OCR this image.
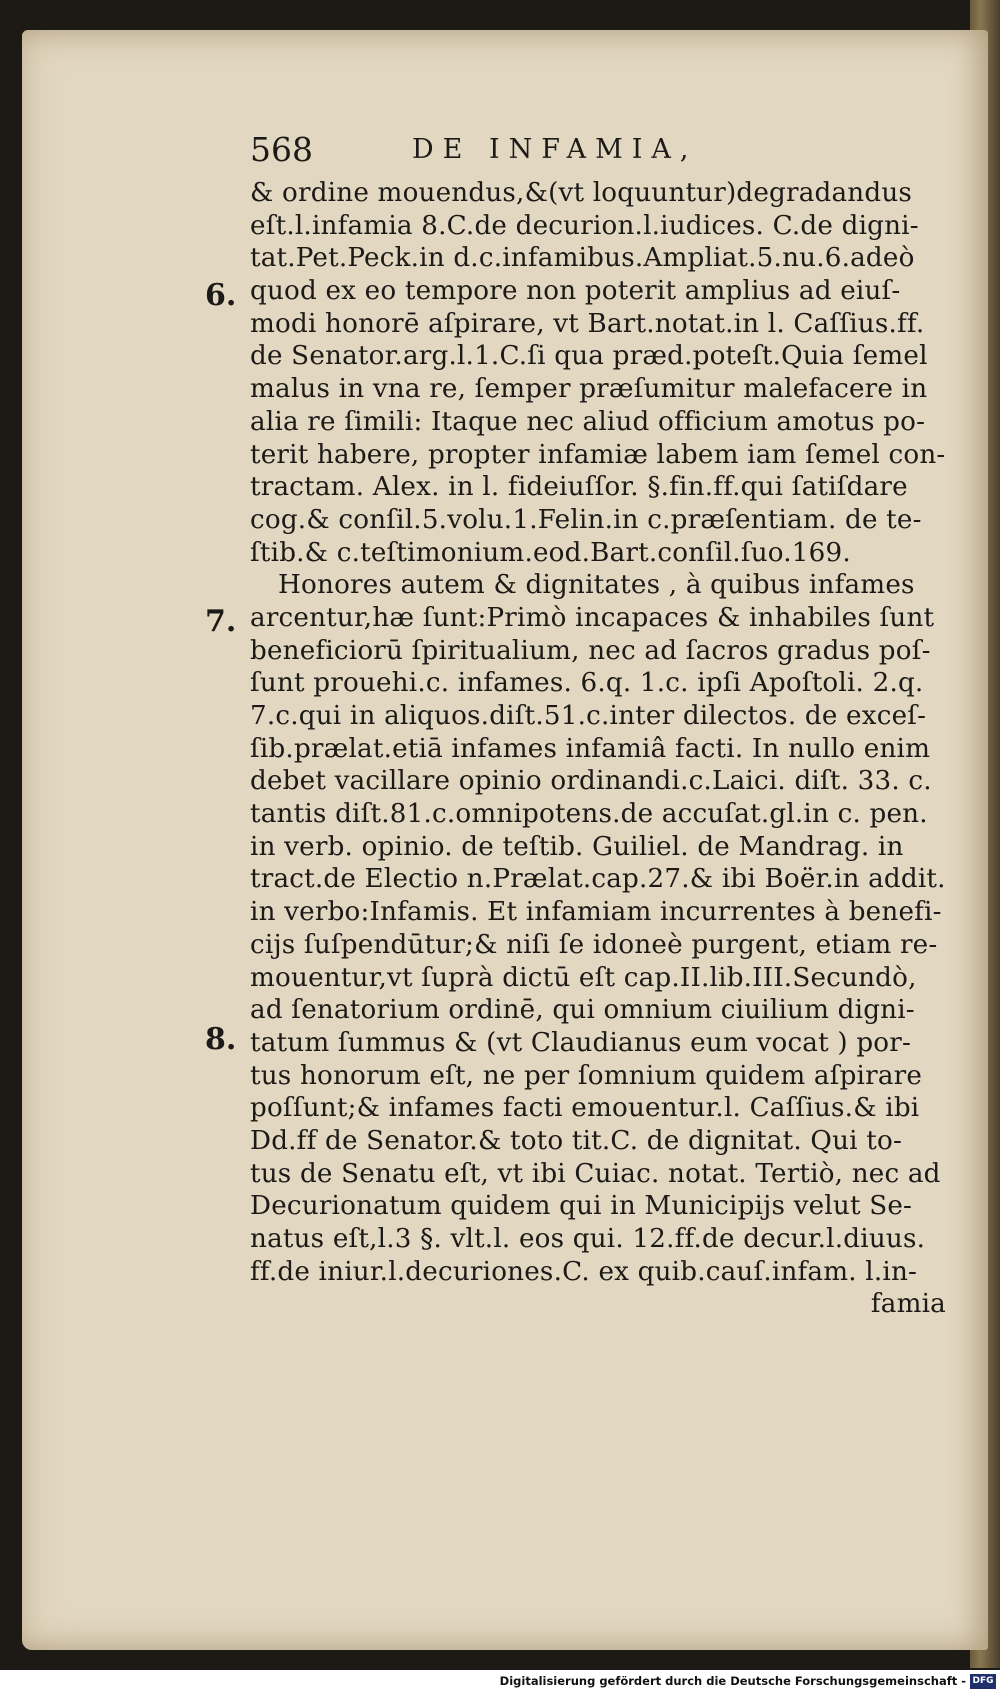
568	DE INFAMIA,
6.
7.
8.
& ordine mouendus,&(vt loquuntur)degradandus
eſt.l.infamia 8.C.de decurion.l.iudices. C.de digni-
tat.Pet.Peck.in d.c.infamibus.Ampliat.5.nu.6.adeò
quod ex eo tempore non poterit amplius ad eiuſ-
modi honorē aſpirare, vt Bart.notat.in l. Caſſius.ff.
de Senator.arg.l.1.C.ſi qua præd.poteſt.Quia ſemel
malus in vna re, ſemper præſumitur malefacere in
alia re ſimili: Itaque nec aliud officium amotus po-
terit habere, propter infamiæ labem iam ſemel con-
tractam. Alex. in l. fideiuſſor. §.fin.ff.qui ſatiſdare
cog.& conſil.5.volu.1.Felin.in c.præſentiam. de te-
ſtib.& c.teſtimonium.eod.Bart.conſil.ſuo.169.
Honores autem & dignitates , à quibus infames
arcentur,hæ ſunt:Primò incapaces & inhabiles ſunt
beneficiorū ſpiritualium, nec ad ſacros gradus poſ-
ſunt prouehi.c. infames. 6.q. 1.c. ipſi Apoſtoli. 2.q.
7.c.qui in aliquos.diſt.51.c.inter dilectos. de exceſ-
ſib.prælat.etiā infames infamiâ facti. In nullo enim
debet vacillare opinio ordinandi.c.Laici. diſt. 33. c.
tantis diſt.81.c.omnipotens.de accuſat.gl.in c. pen.
in verb. opinio. de teſtib. Guiliel. de Mandrag. in
tract.de Electio n.Prælat.cap.27.& ibi Boër.in addit.
in verbo:Infamis. Et infamiam incurrentes à benefi-
cijs ſuſpendūtur;& niſi ſe idoneè purgent, etiam re-
mouentur,vt ſuprà dictū eſt cap.II.lib.III.Secundò,
ad ſenatorium ordinē, qui omnium ciuilium digni-
tatum ſummus & (vt Claudianus eum vocat ) por-
tus honorum eſt, ne per ſomnium quidem aſpirare
poſſunt;& infames facti emouentur.l. Caſſius.& ibi
Dd.ff de Senator.& toto tit.C. de dignitat. Qui to-
tus de Senatu eſt, vt ibi Cuiac. notat. Tertiò, nec ad
Decurionatum quidem qui in Municipijs velut Se-
natus eſt,l.3 §. vlt.l. eos qui. 12.ff.de decur.l.diuus.
ff.de iniur.l.decuriones.C. ex quib.cauſ.infam. l.in-
famia
Digitalisierung gefördert durch die Deutsche Forschungsgemeinschaft - DFG
